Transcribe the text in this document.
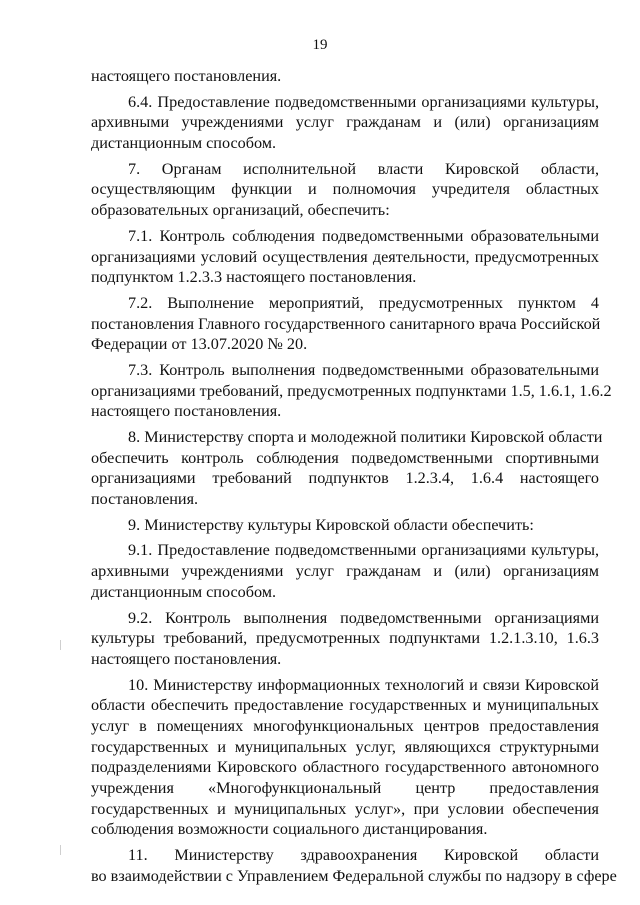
19
настоящего постановления.
6.4. Предоставление подведомственными организациями культуры,
архивными учреждениями услуг гражданам и (или) организациям
дистанционным способом.
7. Органам исполнительной власти Кировской области,
осуществляющим функции и полномочия учредителя областных
образовательных организаций, обеспечить:
7.1. Контроль соблюдения подведомственными образовательными
организациями условий осуществления деятельности, предусмотренных
подпунктом 1.2.3.3 настоящего постановления.
7.2. Выполнение мероприятий, предусмотренных пунктом 4
постановления Главного государственного санитарного врача Российской
Федерации от 13.07.2020 № 20.
7.3. Контроль выполнения подведомственными образовательными
организациями требований, предусмотренных подпунктами 1.5, 1.6.1, 1.6.2
настоящего постановления.
8. Министерству спорта и молодежной политики Кировской области
обеспечить контроль соблюдения подведомственными спортивными
организациями требований подпунктов 1.2.3.4, 1.6.4 настоящего
постановления.
9. Министерству культуры Кировской области обеспечить:
9.1. Предоставление подведомственными организациями культуры,
архивными учреждениями услуг гражданам и (или) организациям
дистанционным способом.
9.2. Контроль выполнения подведомственными организациями
культуры требований, предусмотренных подпунктами 1.2.1.3.10, 1.6.3
настоящего постановления.
10. Министерству информационных технологий и связи Кировской
области обеспечить предоставление государственных и муниципальных
услуг в помещениях многофункциональных центров предоставления
государственных и муниципальных услуг, являющихся структурными
подразделениями Кировского областного государственного автономного
учреждения «Многофункциональный центр предоставления
государственных и муниципальных услуг», при условии обеспечения
соблюдения возможности социального дистанцирования.
11. Министерству здравоохранения Кировской области
во взаимодействии с Управлением Федеральной службы по надзору в сфере
